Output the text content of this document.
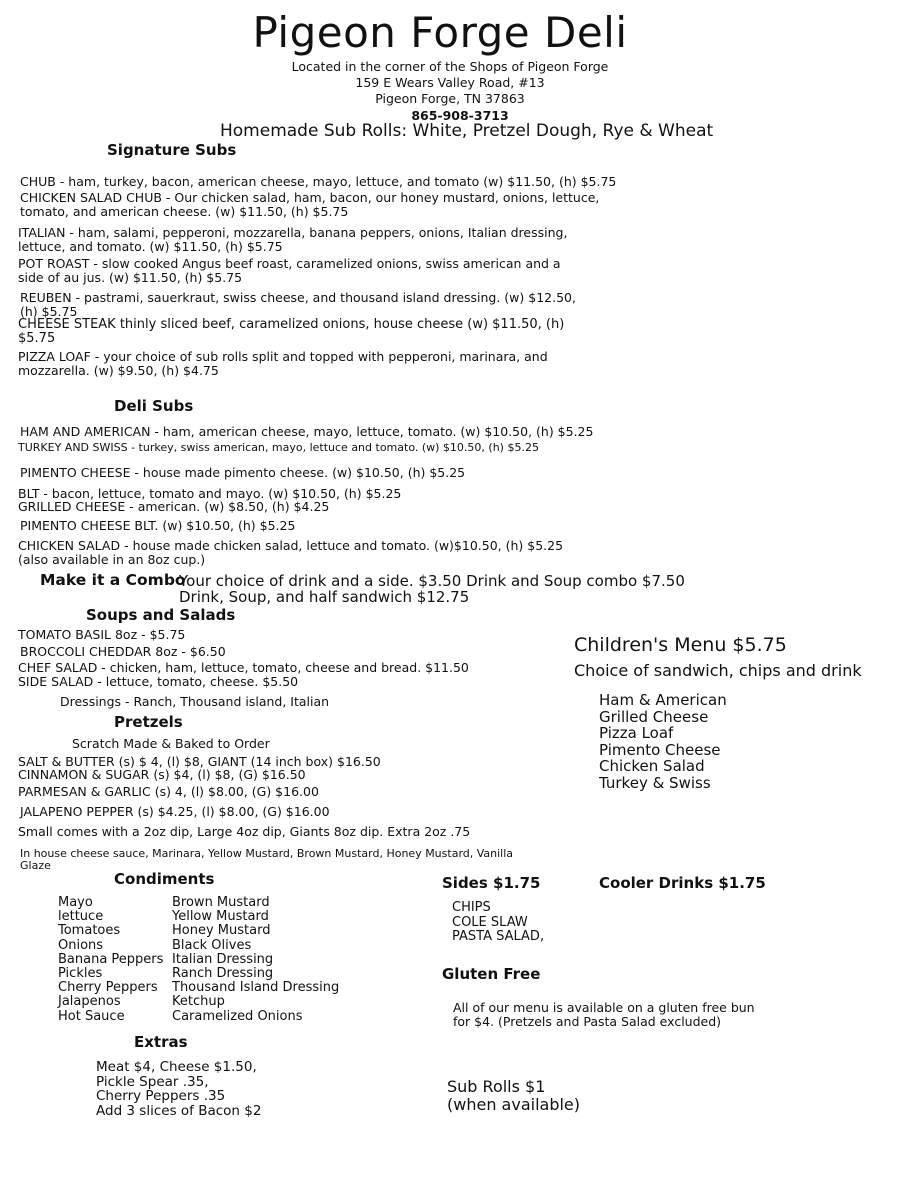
Pigeon Forge Deli
Located in the corner of the Shops of Pigeon Forge
159 E Wears Valley Road, #13
Pigeon Forge, TN 37863
865-908-3713
Homemade Sub Rolls: White, Pretzel Dough, Rye & Wheat
Signature Subs
CHUB - ham, turkey, bacon, american cheese, mayo, lettuce, and tomato (w) $11.50, (h) $5.75
CHICKEN SALAD CHUB - Our chicken salad, ham, bacon, our honey mustard, onions, lettuce, tomato, and american cheese. (w) $11.50, (h) $5.75
ITALIAN - ham, salami, pepperoni, mozzarella, banana peppers, onions, Italian dressing, lettuce, and tomato. (w) $11.50, (h) $5.75
POT ROAST - slow cooked Angus beef roast, caramelized onions, swiss american and a side of au jus. (w) $11.50, (h) $5.75
REUBEN - pastrami, sauerkraut, swiss cheese, and thousand island dressing. (w) $12.50, (h) $5.75
CHEESE STEAK thinly sliced beef, caramelized onions, house cheese (w) $11.50, (h) $5.75
PIZZA LOAF - your choice of sub rolls split and topped with pepperoni, marinara, and mozzarella. (w) $9.50, (h) $4.75
Deli Subs
HAM AND AMERICAN - ham, american cheese, mayo, lettuce, tomato. (w) $10.50, (h) $5.25
TURKEY AND SWISS - turkey, swiss american, mayo, lettuce and tomato. (w) $10.50, (h) $5.25
PIMENTO CHEESE - house made pimento cheese. (w) $10.50, (h) $5.25
BLT - bacon, lettuce, tomato and mayo. (w) $10.50, (h) $5.25
GRILLED CHEESE - american. (w) $8.50, (h) $4.25
PIMENTO CHEESE BLT. (w) $10.50, (h) $5.25
CHICKEN SALAD - house made chicken salad, lettuce and tomato. (w)$10.50, (h) $5.25
(also available in an 8oz cup.)
Make it a Combo
Your choice of drink and a side. $3.50 Drink and Soup combo $7.50
Drink, Soup, and half sandwich $12.75
Soups and Salads
TOMATO BASIL 8oz - $5.75
BROCCOLI CHEDDAR 8oz - $6.50
CHEF SALAD - chicken, ham, lettuce, tomato, cheese and bread. $11.50
SIDE SALAD - lettuce, tomato, cheese. $5.50
Dressings - Ranch, Thousand island, Italian
Pretzels
Scratch Made & Baked to Order
SALT & BUTTER (s) $ 4, (l) $8, GIANT (14 inch box) $16.50
CINNAMON & SUGAR (s) $4, (l) $8, (G) $16.50
PARMESAN & GARLIC (s) 4, (l) $8.00, (G) $16.00
JALAPENO PEPPER (s) $4.25, (l) $8.00, (G) $16.00
Small comes with a 2oz dip, Large 4oz dip, Giants 8oz dip. Extra 2oz .75
In house cheese sauce, Marinara, Yellow Mustard, Brown Mustard, Honey Mustard, Vanilla Glaze
Children's Menu $5.75
Choice of sandwich, chips and drink
Ham & American
Grilled Cheese
Pizza Loaf
Pimento Cheese
Chicken Salad
Turkey & Swiss
Condiments
Mayo
lettuce
Tomatoes
Onions
Banana Peppers
Pickles
Cherry Peppers
Jalapenos
Hot Sauce
Brown Mustard
Yellow Mustard
Honey Mustard
Black Olives
Italian Dressing
Ranch Dressing
Thousand Island Dressing
Ketchup
Caramelized Onions
Extras
Meat $4, Cheese $1.50,
Pickle Spear .35,
Cherry Peppers .35
Add 3 slices of Bacon $2
Sides $1.75
CHIPS
COLE SLAW
PASTA SALAD,
Cooler Drinks $1.75
Gluten Free
All of our menu is available on a gluten free bun for $4. (Pretzels and Pasta Salad excluded)
Sub Rolls $1
(when available)
